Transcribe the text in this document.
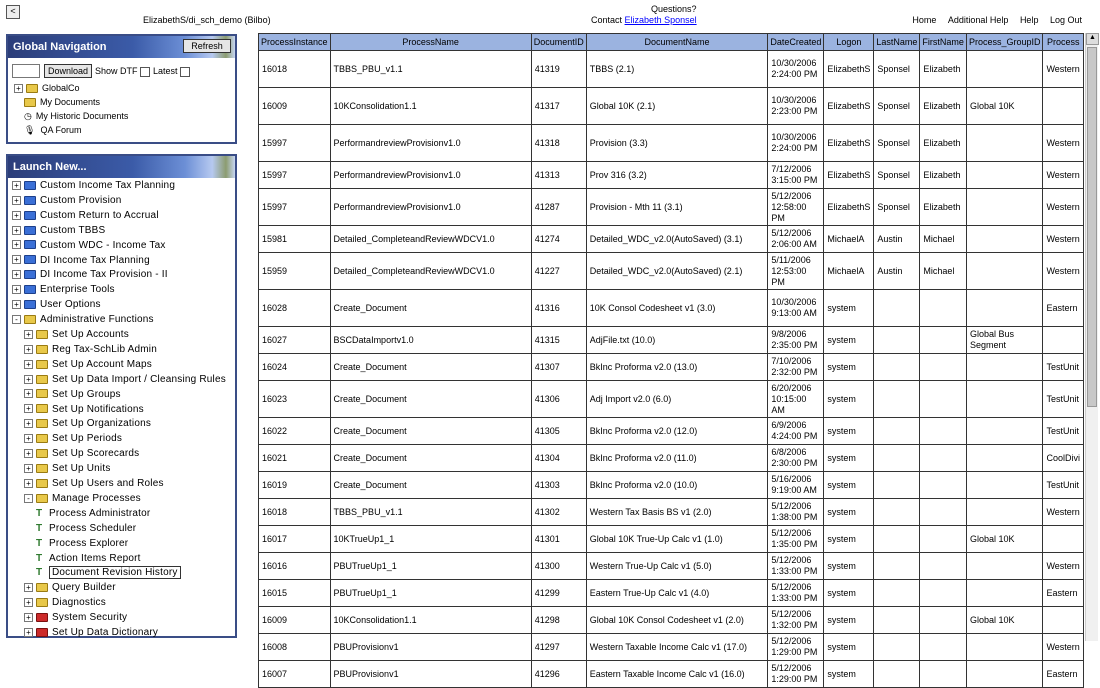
<
ElizabethS/di_sch_demo (Bilbo)
Questions?
Contact Elizabeth Sponsel	Home Additional Help Help Log Out
Global Navigation	Refresh
Download Show DTF	Latest
+ GlobalCo
My Documents
◷ My Historic Documents
🎙 QA Forum
Launch New...
+ Custom Income Tax Planning
+ Custom Provision
+ Custom Return to Accrual
+ Custom TBBS
+ Custom WDC - Income Tax
+ DI Income Tax Planning
+ DI Income Tax Provision - II
+ Enterprise Tools
+ User Options
- Administrative Functions
+ Set Up Accounts
+ Reg Tax-SchLib Admin
+ Set Up Account Maps
+ Set Up Data Import / Cleansing Rules
+ Set Up Groups
+ Set Up Notifications
+ Set Up Organizations
+ Set Up Periods
+ Set Up Scorecards
+ Set Up Units
+ Set Up Users and Roles
- Manage Processes
T Process Administrator
T Process Scheduler
T Process Explorer
T Action Items Report
T Document Revision History
+ Query Builder
+ Diagnostics
+ System Security
+ Set Up Data Dictionary
ProcessInstance	ProcessName	DocumentID	DocumentName	DateCreated	Logon	LastName	FirstName	Process_GroupID	Process
16018	TBBS_PBU_v1.1	41319	TBBS (2.1)	10/30/2006 2:24:00 PM	ElizabethS	Sponsel	Elizabeth		Western
16009	10KConsolidation1.1	41317	Global 10K (2.1)	10/30/2006 2:23:00 PM	ElizabethS	Sponsel	Elizabeth	Global 10K	
15997	PerformandreviewProvisionv1.0	41318	Provision (3.3)	10/30/2006 2:24:00 PM	ElizabethS	Sponsel	Elizabeth		Western
15997	PerformandreviewProvisionv1.0	41313	Prov 316 (3.2)	7/12/2006 3:15:00 PM	ElizabethS	Sponsel	Elizabeth		Western
15997	PerformandreviewProvisionv1.0	41287	Provision - Mth 11 (3.1)	5/12/2006 12:58:00 PM	ElizabethS	Sponsel	Elizabeth		Western
15981	Detailed_CompleteandReviewWDCV1.0	41274	Detailed_WDC_v2.0(AutoSaved) (3.1)	5/12/2006 2:06:00 AM	MichaelA	Austin	Michael		Western
15959	Detailed_CompleteandReviewWDCV1.0	41227	Detailed_WDC_v2.0(AutoSaved) (2.1)	5/11/2006 12:53:00 PM	MichaelA	Austin	Michael		Western
16028	Create_Document	41316	10K Consol Codesheet v1 (3.0)	10/30/2006 9:13:00 AM	system				Eastern
16027	BSCDataImportv1.0	41315	AdjFile.txt (10.0)	9/8/2006 2:35:00 PM	system			Global Bus Segment	
16024	Create_Document	41307	BkInc Proforma v2.0 (13.0)	7/10/2006 2:32:00 PM	system				TestUnit
16023	Create_Document	41306	Adj Import v2.0 (6.0)	6/20/2006 10:15:00 AM	system				TestUnit
16022	Create_Document	41305	BkInc Proforma v2.0 (12.0)	6/9/2006 4:24:00 PM	system				TestUnit
16021	Create_Document	41304	BkInc Proforma v2.0 (11.0)	6/8/2006 2:30:00 PM	system				CoolDivi
16019	Create_Document	41303	BkInc Proforma v2.0 (10.0)	5/16/2006 9:19:00 AM	system				TestUnit
16018	TBBS_PBU_v1.1	41302	Western Tax Basis BS v1 (2.0)	5/12/2006 1:38:00 PM	system				Western
16017	10KTrueUp1_1	41301	Global 10K True-Up Calc v1 (1.0)	5/12/2006 1:35:00 PM	system			Global 10K	
16016	PBUTrueUp1_1	41300	Western True-Up Calc v1 (5.0)	5/12/2006 1:33:00 PM	system				Western
16015	PBUTrueUp1_1	41299	Eastern True-Up Calc v1 (4.0)	5/12/2006 1:33:00 PM	system				Eastern
16009	10KConsolidation1.1	41298	Global 10K Consol Codesheet v1 (2.0)	5/12/2006 1:32:00 PM	system			Global 10K	
16008	PBUProvisionv1	41297	Western Taxable Income Calc v1 (17.0)	5/12/2006 1:29:00 PM	system				Western
16007	PBUProvisionv1	41296	Eastern Taxable Income Calc v1 (16.0)	5/12/2006 1:29:00 PM	system				Eastern
▲
